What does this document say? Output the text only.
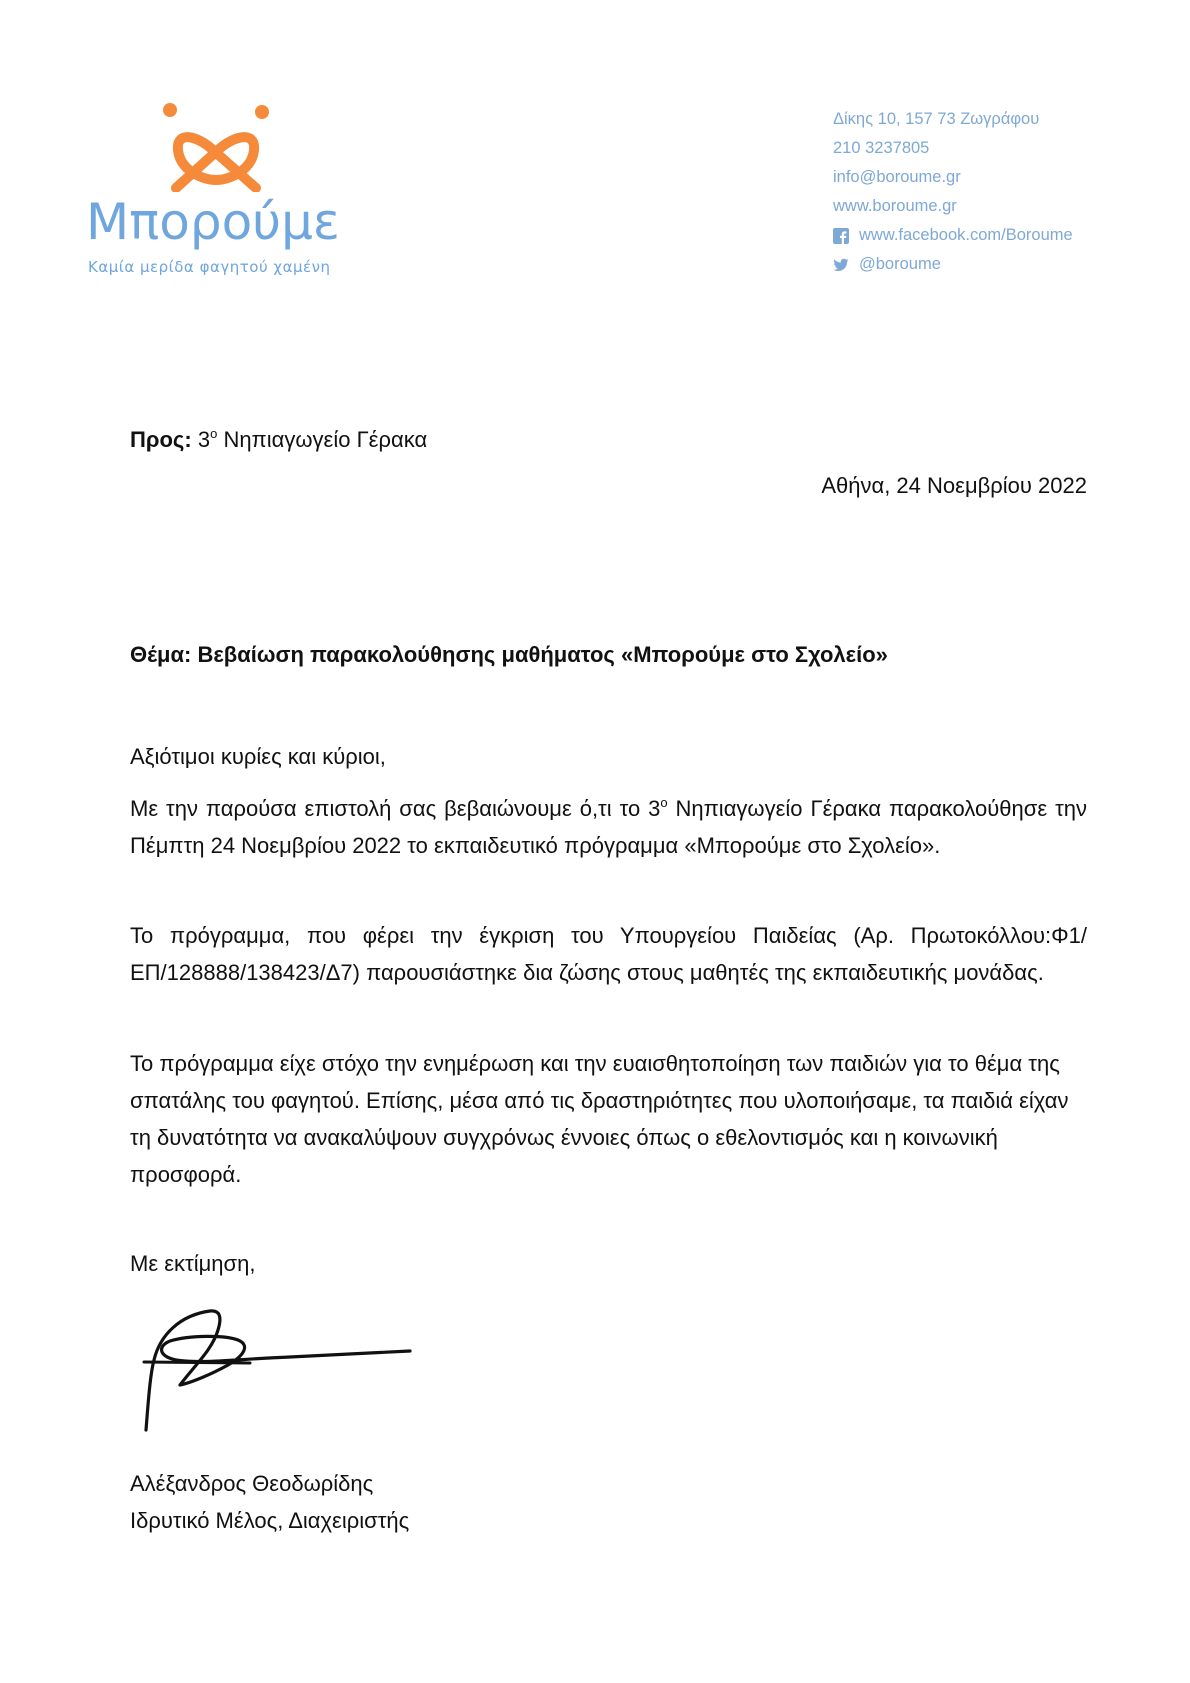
Μπορούμε
Καμία μερίδα φαγητού χαμένη
Δίκης 10, 157 73 Ζωγράφου
210 3237805
info@boroume.gr
www.boroume.gr
www.facebook.com/Boroume
@boroume
Προς: $3^o$ Νηπιαγωγείο Γέρακα
Αθήνα, 24 Νοεμβρίου 2022
Θέμα: Βεβαίωση παρακολούθησης μαθήματος «Μπορούμε στο Σχολείο»
Αξιότιμοι κυρίες και κύριοι,
Με την παρούσα επιστολή σας βεβαιώνουμε ό,τι το $3^o$ Νηπιαγωγείο Γέρακα παρακολούθησε την Πέμπτη 24 Νοεμβρίου 2022 το εκπαιδευτικό πρόγραμμα «Μπορούμε στο Σχολείο».
Το πρόγραμμα, που φέρει την έγκριση του Υπουργείου Παιδείας (Αρ. Πρωτοκόλλου:Φ1/ΕΠ/128888/138423/Δ7) παρουσιάστηκε δια ζώσης στους μαθητές της εκπαιδευτικής μονάδας.
Το πρόγραμμα είχε στόχο την ενημέρωση και την ευαισθητοποίηση των παιδιών για το θέμα της σπατάλης του φαγητού. Επίσης, μέσα από τις δραστηριότητες που υλοποιήσαμε, τα παιδιά είχαν τη δυνατότητα να ανακαλύψουν συγχρόνως έννοιες όπως ο εθελοντισμός και η κοινωνική προσφορά.
Με εκτίμηση,
Αλέξανδρος Θεοδωρίδης
Ιδρυτικό Μέλος, Διαχειριστής
